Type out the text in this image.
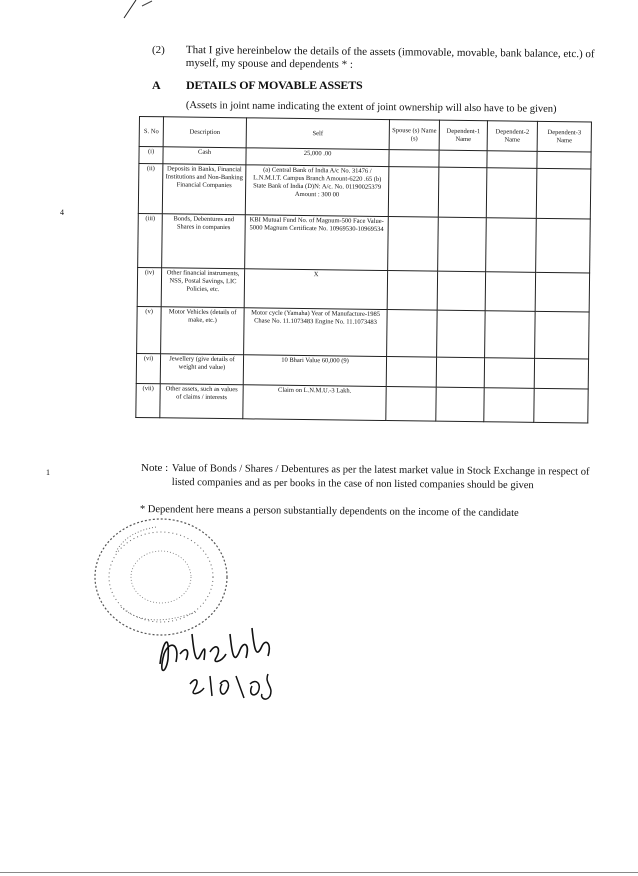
(2) That I give hereinbelow the details of the assets (immovable, movable, bank balance, etc.) of myself, my spouse and dependents * :
A DETAILS OF MOVABLE ASSETS
(Assets in joint name indicating the extent of joint ownership will also have to be given)
S. No	Description	Self	Spouse (s) Name (s)	Dependent-1 Name	Dependent-2 Name	Dependent-3 Name
(i)	Cash	25,000 .00				
(ii)	Deposits in Banks, Financial Institutions and Non-Banking Financial Companies	(a) Central Bank of India A/c No. 31476 / L.N.M.I.T. Campus Branch Amount-6220 .65 (b) State Bank of India (D)N: A/c. No. 01190025379 Amount : 300 00				
(iii)	Bonds, Debentures and Shares in companies	KBI Mutual Fund No. of Magnum-500 Face Value- 5000 Magnum Certificate No. 10969530-10969534				
(iv)	Other financial instruments, NSS, Postal Savings, LIC Policies, etc.	X				
(v)	Motor Vehicles (details of make, etc.)	Motor cycle (Yamaha) Year of Manufacture-1985 Chase No. 11.1073483 Engine No. 11.1073483				
(vi)	Jewellery (give details of weight and value)	10 Bhari Value 60,000 (9)				
(vii)	Other assets, such as values of claims / interests	Claim on L.N.M.U.-3 Lakh.				
Note : Value of Bonds / Shares / Debentures as per the latest market value in Stock Exchange in respect of listed companies and as per books in the case of non listed companies should be given
* Dependent here means a person substantially dependents on the income of the candidate
4
1
